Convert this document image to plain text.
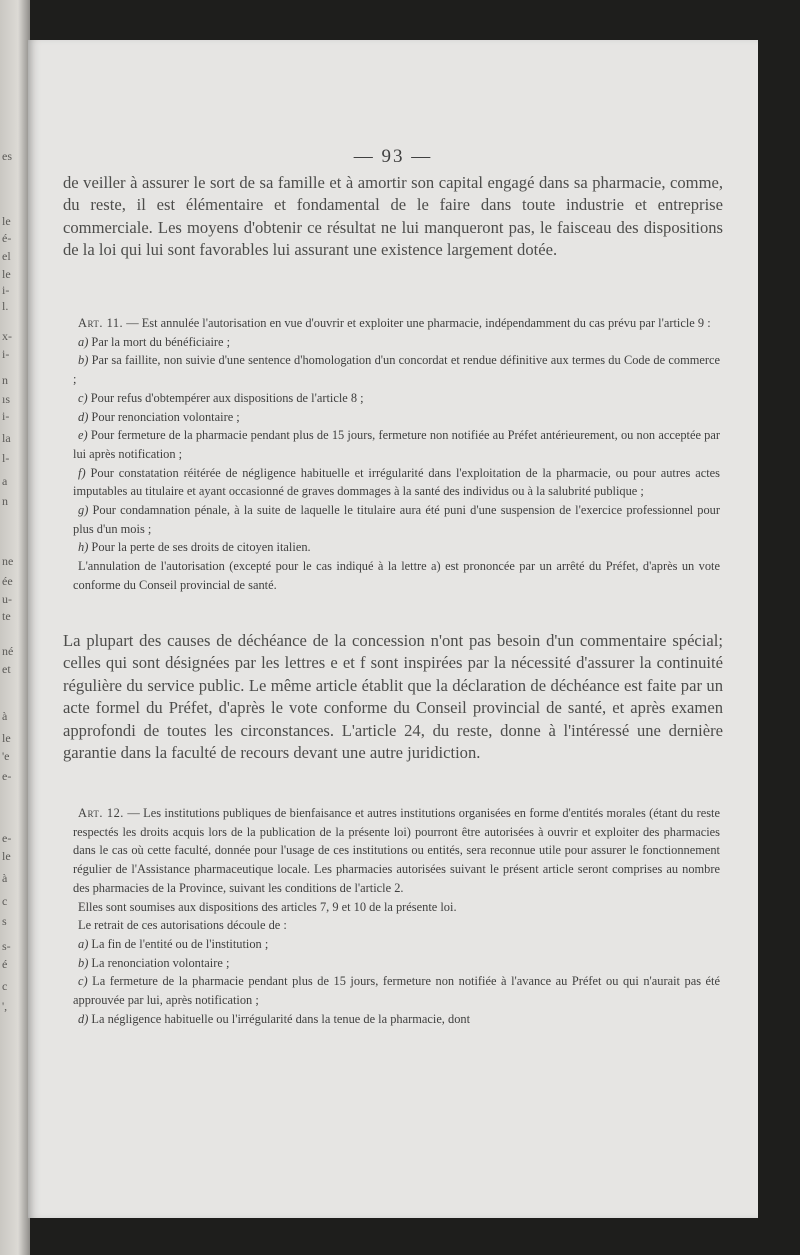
es
le
é-
el
le
i-
l.
x-
i-
n
ıs
i-
la
l-
a
n
ne
ée
u-
te
né
et
à
le
'e
e-
e-
le
à
c
s
s-
é
c
',
— 93 —

de veiller à assurer le sort de sa famille et à amortir son capital engagé dans sa pharmacie, comme, du reste, il est élémentaire et fondamental de le faire dans toute industrie et entreprise commerciale. Les moyens d'obtenir ce résultat ne lui manqueront pas, le faisceau des dispositions de la loi qui lui sont favorables lui assurant une existence largement dotée.

Art. 11. — Est annulée l'autorisation en vue d'ouvrir et exploiter une pharmacie, indépendamment du cas prévu par l'article 9 :

a) Par la mort du bénéficiaire ;

b) Par sa faillite, non suivie d'une sentence d'homologation d'un concordat et rendue définitive aux termes du Code de commerce ;

c) Pour refus d'obtempérer aux dispositions de l'article 8 ;

d) Pour renonciation volontaire ;

e) Pour fermeture de la pharmacie pendant plus de 15 jours, fermeture non notifiée au Préfet antérieurement, ou non acceptée par lui après notification ;

f) Pour constatation réitérée de négligence habituelle et irrégularité dans l'exploitation de la pharmacie, ou pour autres actes imputables au titulaire et ayant occasionné de graves dommages à la santé des individus ou à la salubrité publique ;

g) Pour condamnation pénale, à la suite de laquelle le titulaire aura été puni d'une suspension de l'exercice professionnel pour plus d'un mois ;

h) Pour la perte de ses droits de citoyen italien.

L'annulation de l'autorisation (excepté pour le cas indiqué à la lettre a) est prononcée par un arrêté du Préfet, d'après un vote conforme du Conseil provincial de santé.

La plupart des causes de déchéance de la concession n'ont pas besoin d'un commentaire spécial; celles qui sont désignées par les lettres e et f sont inspirées par la nécessité d'assurer la continuité régulière du service public. Le même article établit que la déclaration de déchéance est faite par un acte formel du Préfet, d'après le vote conforme du Conseil provincial de santé, et après examen approfondi de toutes les circonstances. L'article 24, du reste, donne à l'intéressé une dernière garantie dans la faculté de recours devant une autre juridiction.

Art. 12. — Les institutions publiques de bienfaisance et autres institutions organisées en forme d'entités morales (étant du reste respectés les droits acquis lors de la publication de la présente loi) pourront être autorisées à ouvrir et exploiter des pharmacies dans le cas où cette faculté, donnée pour l'usage de ces institutions ou entités, sera reconnue utile pour assurer le fonctionnement régulier de l'Assistance pharmaceutique locale. Les pharmacies autorisées suivant le présent article seront comprises au nombre des pharmacies de la Province, suivant les conditions de l'article 2.

Elles sont soumises aux dispositions des articles 7, 9 et 10 de la présente loi.

Le retrait de ces autorisations découle de :

a) La fin de l'entité ou de l'institution ;

b) La renonciation volontaire ;

c) La fermeture de la pharmacie pendant plus de 15 jours, fermeture non notifiée à l'avance au Préfet ou qui n'aurait pas été approuvée par lui, après notification ;

d) La négligence habituelle ou l'irrégularité dans la tenue de la pharmacie, dont
